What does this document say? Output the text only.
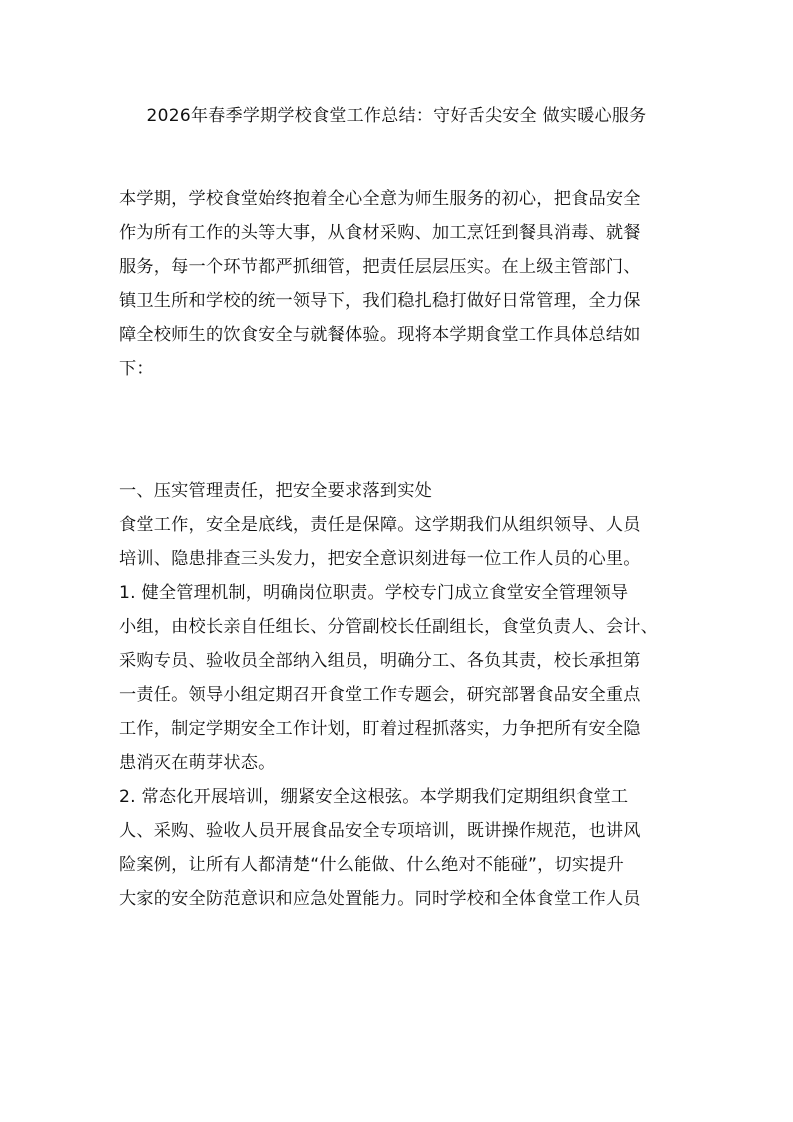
2026年春季学期学校食堂工作总结：守好舌尖安全 做实暖心服务
本学期，学校食堂始终抱着全心全意为师生服务的初心，把食品安全
作为所有工作的头等大事，从食材采购、加工烹饪到餐具消毒、就餐
服务，每一个环节都严抓细管，把责任层层压实。在上级主管部门、
镇卫生所和学校的统一领导下，我们稳扎稳打做好日常管理，全力保
障全校师生的饮食安全与就餐体验。现将本学期食堂工作具体总结如
下：
一、压实管理责任，把安全要求落到实处
食堂工作，安全是底线，责任是保障。这学期我们从组织领导、人员
培训、隐患排查三头发力，把安全意识刻进每一位工作人员的心里。
1. 健全管理机制，明确岗位职责。学校专门成立食堂安全管理领导
小组，由校长亲自任组长、分管副校长任副组长，食堂负责人、会计、
采购专员、验收员全部纳入组员，明确分工、各负其责，校长承担第
一责任。领导小组定期召开食堂工作专题会，研究部署食品安全重点
工作，制定学期安全工作计划，盯着过程抓落实，力争把所有安全隐
患消灭在萌芽状态。
2. 常态化开展培训，绷紧安全这根弦。本学期我们定期组织食堂工
人、采购、验收人员开展食品安全专项培训，既讲操作规范，也讲风
险案例，让所有人都清楚“什么能做、什么绝对不能碰”，切实提升
大家的安全防范意识和应急处置能力。同时学校和全体食堂工作人员
